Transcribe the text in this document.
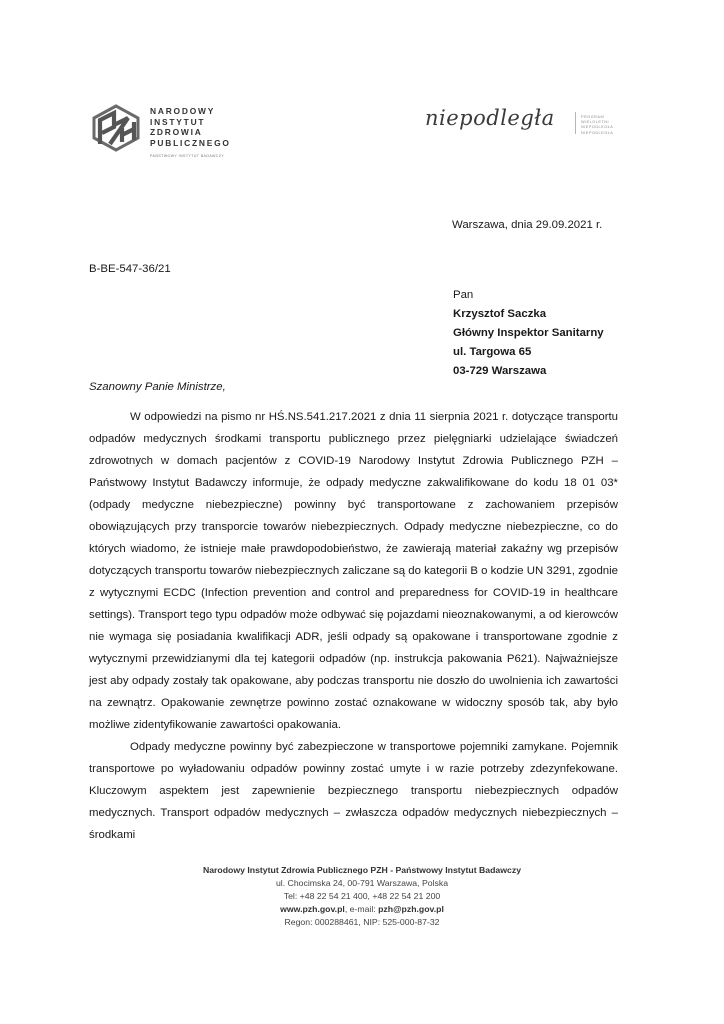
NARODOWY
INSTYTUT
ZDROWIA
PUBLICZNEGO
PAŃSTWOWY INSTYTUT BADAWCZY
niepodległa	PROGRAM
WIELOLETNI NIEPODLEGŁA
NIEPODLEGŁA
Warszawa, dnia 29.09.2021 r.
B-BE-547-36/21
Pan
Krzysztof Saczka
Główny Inspektor Sanitarny
ul. Targowa 65
03-729 Warszawa
Szanowny Panie Ministrze,

W odpowiedzi na pismo nr HŚ.NS.541.217.2021 z dnia 11 sierpnia 2021 r. dotyczące transportu odpadów medycznych środkami transportu publicznego przez pielęgniarki udzielające świadczeń zdrowotnych w domach pacjentów z COVID-19 Narodowy Instytut Zdrowia Publicznego PZH – Państwowy Instytut Badawczy informuje, że odpady medyczne zakwalifikowane do kodu 18 01 03* (odpady medyczne niebezpieczne) powinny być transportowane z zachowaniem przepisów obowiązujących przy transporcie towarów niebezpiecznych. Odpady medyczne niebezpieczne, co do których wiadomo, że istnieje małe prawdopodobieństwo, że zawierają materiał zakaźny wg przepisów dotyczących transportu towarów niebezpiecznych zaliczane są do kategorii B o kodzie UN 3291, zgodnie z wytycznymi ECDC (Infection prevention and control and preparedness for COVID-19 in healthcare settings). Transport tego typu odpadów może odbywać się pojazdami nieoznakowanymi, a od kierowców nie wymaga się posiadania kwalifikacji ADR, jeśli odpady są opakowane i transportowane zgodnie z wytycznymi przewidzianymi dla tej kategorii odpadów (np. instrukcja pakowania P621). Najważniejsze jest aby odpady zostały tak opakowane, aby podczas transportu nie doszło do uwolnienia ich zawartości na zewnątrz. Opakowanie zewnętrze powinno zostać oznakowane w widoczny sposób tak, aby było możliwe zidentyfikowanie zawartości opakowania.

Odpady medyczne powinny być zabezpieczone w transportowe pojemniki zamykane. Pojemnik transportowe po wyładowaniu odpadów powinny zostać umyte i w razie potrzeby zdezynfekowane. Kluczowym aspektem jest zapewnienie bezpiecznego transportu niebezpiecznych odpadów medycznych. Transport odpadów medycznych – zwłaszcza odpadów medycznych niebezpiecznych – środkami

Narodowy Instytut Zdrowia Publicznego PZH - Państwowy Instytut Badawczy
ul. Chocimska 24, 00-791 Warszawa, Polska
Tel: +48 22 54 21 400, +48 22 54 21 200
www.pzh.gov.pl, e-mail: pzh@pzh.gov.pl
Regon: 000288461, NIP: 525-000-87-32
